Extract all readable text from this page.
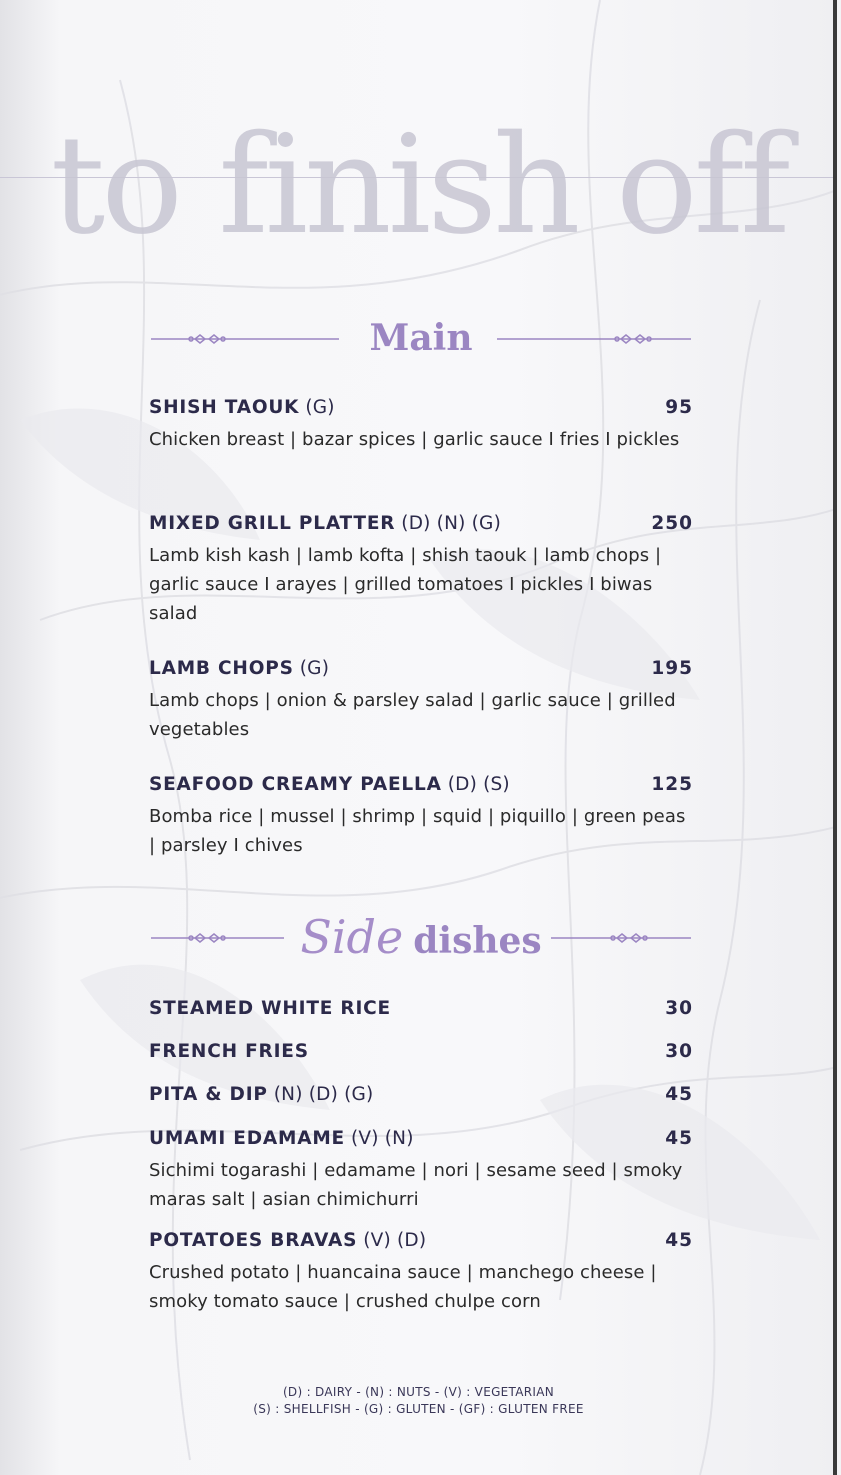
to finish off
Main
SHISH TAOUK (G)	95
Chicken breast | bazar spices | garlic sauce I fries I pickles
MIXED GRILL PLATTER (D) (N) (G)	250
Lamb kish kash | lamb kofta | shish taouk | lamb chops | garlic sauce I arayes | grilled tomatoes I pickles I biwas salad
LAMB CHOPS (G)	195
Lamb chops | onion & parsley salad | garlic sauce | grilled vegetables
SEAFOOD CREAMY PAELLA (D) (S)	125
Bomba rice | mussel | shrimp | squid | piquillo | green peas | parsley I chives
Side dishes
STEAMED WHITE RICE	30
FRENCH FRIES	30
PITA & DIP (N) (D) (G)	45
UMAMI EDAMAME (V) (N)	45
Sichimi togarashi | edamame | nori | sesame seed | smoky maras salt | asian chimichurri
POTATOES BRAVAS (V) (D)	45
Crushed potato | huancaina sauce | manchego cheese | smoky tomato sauce | crushed chulpe corn
(D) : DAIRY - (N) : NUTS - (V) : VEGETARIAN
(S) : SHELLFISH - (G) : GLUTEN - (GF) : GLUTEN FREE
